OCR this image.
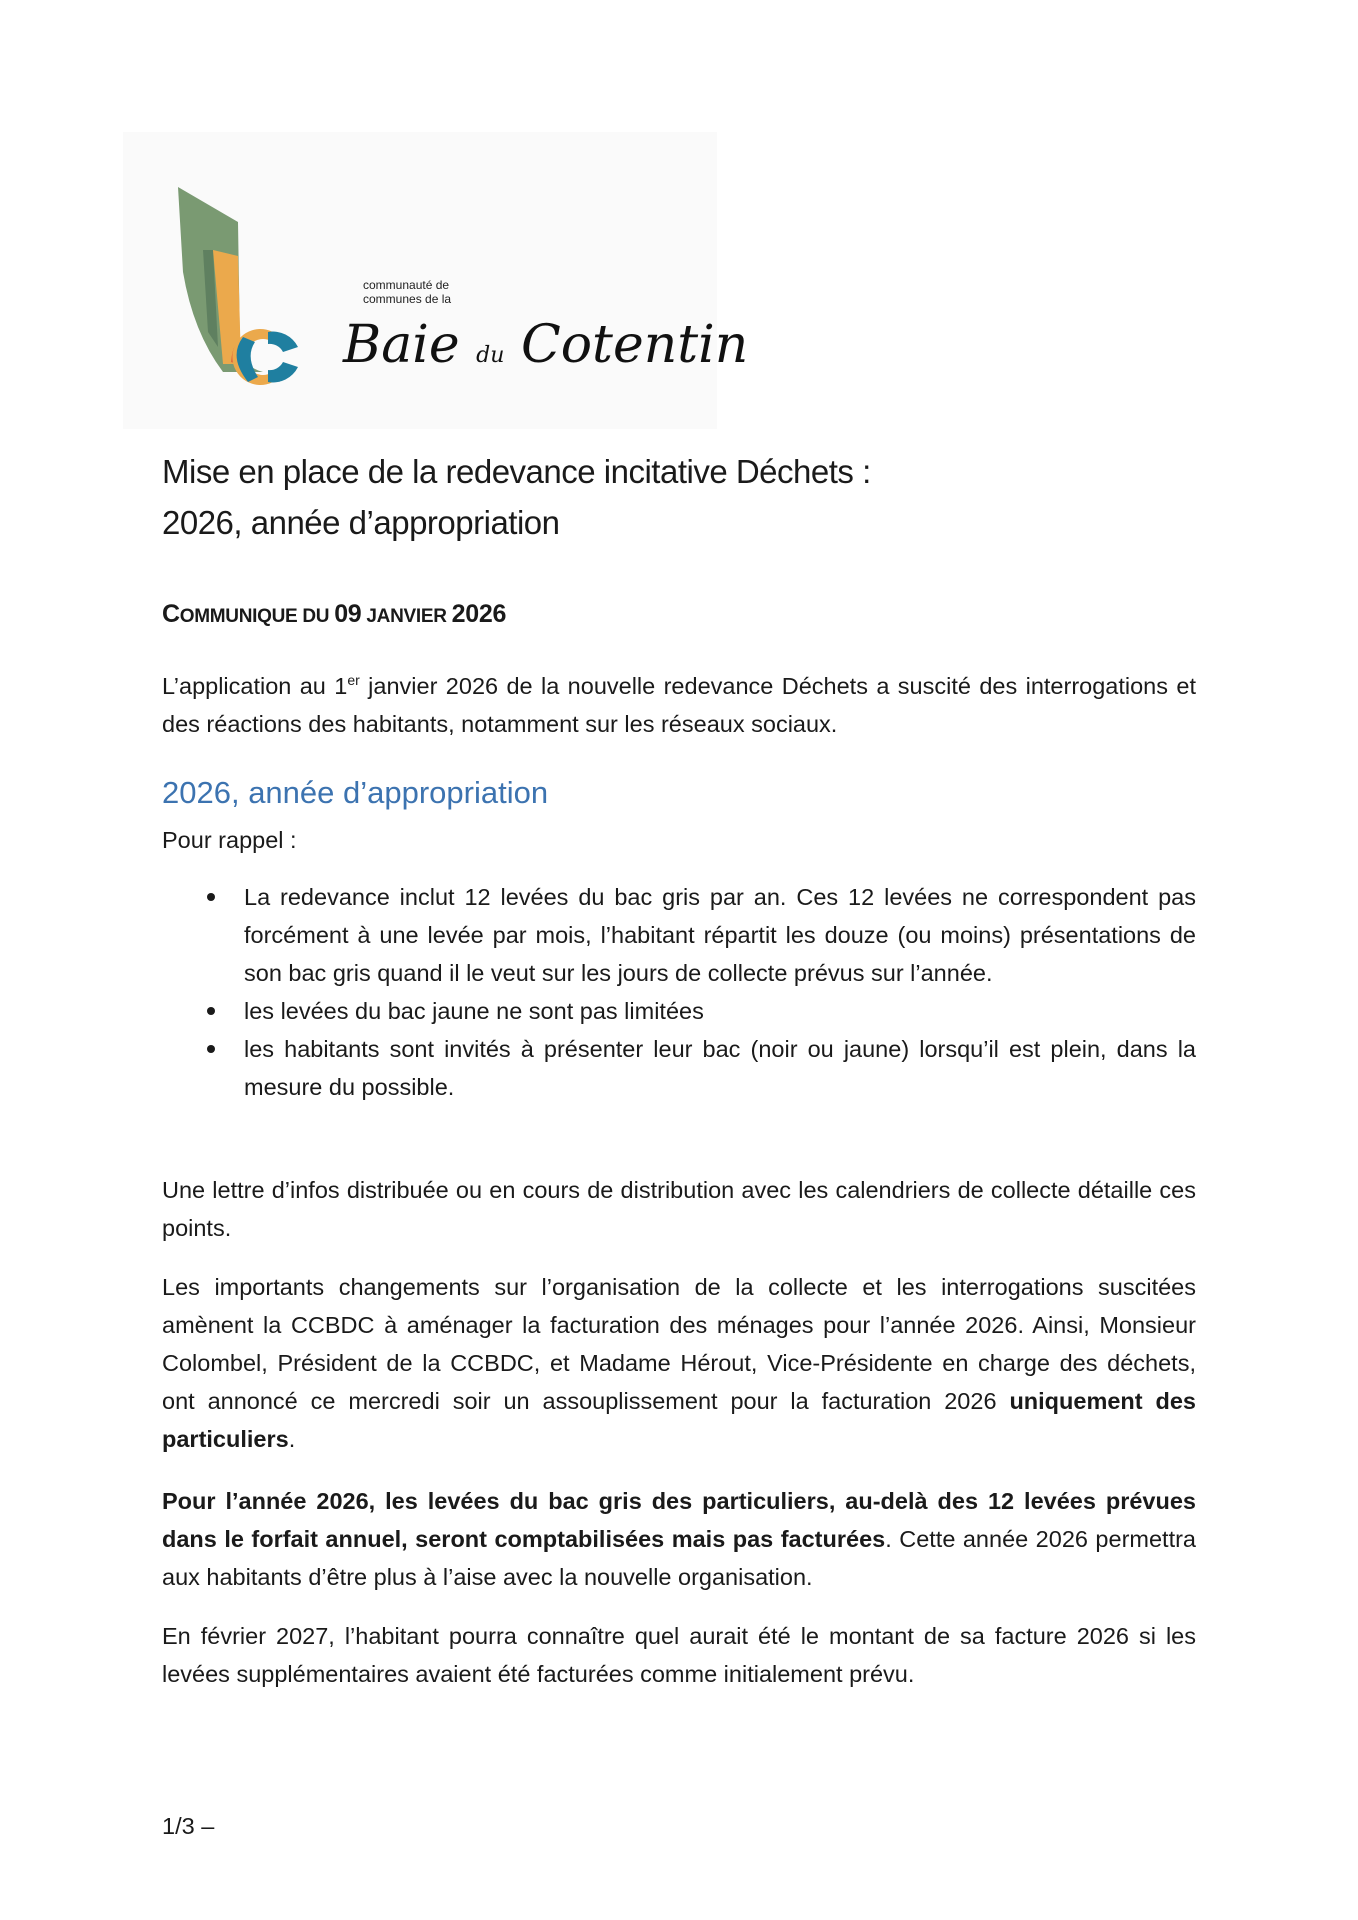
communauté de
communes de la
Baie du Cotentin

Mise en place de la redevance incitative Déchets :

2026, année d’appropriation

COMMUNIQUE DU 09 JANVIER 2026

L’application au 1er janvier 2026 de la nouvelle redevance Déchets a suscité des interrogations et des réactions des habitants, notamment sur les réseaux sociaux.

2026, année d’appropriation

Pour rappel :

La redevance inclut 12 levées du bac gris par an. Ces 12 levées ne correspondent pas forcément à une levée par mois, l’habitant répartit les douze (ou moins) présentations de son bac gris quand il le veut sur les jours de collecte prévus sur l’année.
les levées du bac jaune ne sont pas limitées
les habitants sont invités à présenter leur bac (noir ou jaune) lorsqu’il est plein, dans la mesure du possible.

Une lettre d’infos distribuée ou en cours de distribution avec les calendriers de collecte détaille ces points.

Les importants changements sur l’organisation de la collecte et les interrogations suscitées amènent la CCBDC à aménager la facturation des ménages pour l’année 2026. Ainsi, Monsieur Colombel, Président de la CCBDC, et Madame Hérout, Vice-Présidente en charge des déchets, ont annoncé ce mercredi soir un assouplissement pour la facturation 2026 uniquement des particuliers.

Pour l’année 2026, les levées du bac gris des particuliers, au-delà des 12 levées prévues dans le forfait annuel, seront comptabilisées mais pas facturées. Cette année 2026 permettra aux habitants d’être plus à l’aise avec la nouvelle organisation.

En février 2027, l’habitant pourra connaître quel aurait été le montant de sa facture 2026 si les levées supplémentaires avaient été facturées comme initialement prévu.

1/3 –
